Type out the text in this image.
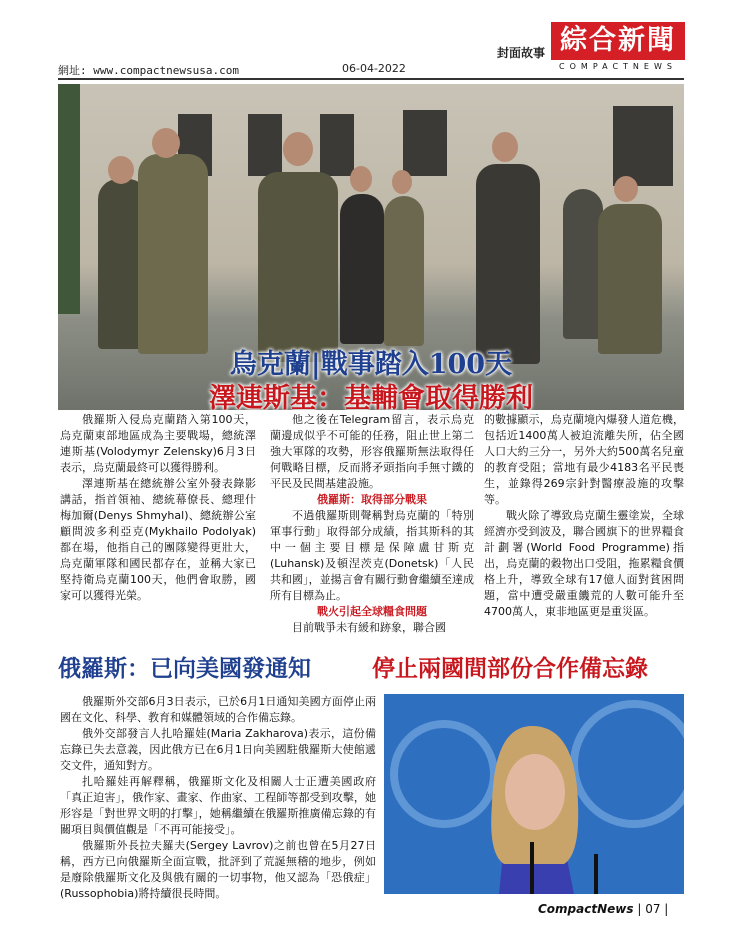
封面故事 綜合新聞
COMPACTNEWS
網址: www.compactnewsusa.com	06-04-2022
烏克蘭|戰事踏入100天
澤連斯基：基輔會取得勝利

俄羅斯入侵烏克蘭踏入第100天，烏克蘭東部地區成為主要戰場，總統澤連斯基(Volodymyr Zelensky)6月3日表示，烏克蘭最終可以獲得勝利。

澤連斯基在總統辦公室外發表錄影講話，指首領袖、總統幕僚長、總理什梅加爾(Denys Shmyhal)、總統辦公室顧問波多利亞克(Mykhailo Podolyak)都在場，他指自己的團隊變得更壯大，烏克蘭軍隊和國民都存在，並稱大家已堅持衛烏克蘭100天，他們會取勝，國家可以獲得光榮。

他之後在Telegram留言，表示烏克蘭邊成似乎不可能的任務，阻止世上第二強大軍隊的攻勢，形容俄羅斯無法取得任何戰略目標，反而將矛頭指向手無寸鐵的平民及民間基建設施。

俄羅斯：取得部分戰果

不過俄羅斯則聲稱對烏克蘭的「特別軍事行動」取得部分成績，指其斯科的其中一個主要目標是保障盧甘斯克(Luhansk)及頓涅茨克(Donetsk)「人民共和國」，並揚言會有關行動會繼續至達成所有目標為止。

戰火引起全球糧食問題

目前戰爭未有緩和跡象，聯合國

的數據顯示，烏克蘭境內爆發人道危機，包括近1400萬人被迫流離失所，佔全國人口大約三分一，另外大約500萬名兒童的教育受阻；當地有最少4183名平民喪生，並錄得269宗針對醫療設施的攻擊等。

戰火除了導致烏克蘭生靈塗炭，全球經濟亦受到波及，聯合國旗下的世界糧食計劃署(World Food Programme)指出，烏克蘭的穀物出口受阻，拖累糧食價格上升，導致全球有17億人面對貧困問題，當中遭受嚴重饑荒的人數可能升至4700萬人，東非地區更是重災區。

俄羅斯：已向美國發通知	停止兩國間部份合作備忘錄

俄羅斯外交部6月3日表示，已於6月1日通知美國方面停止兩國在文化、科學、教育和媒體領域的合作備忘錄。

俄外交部發言人扎哈羅娃(Maria Zakharova)表示，這份備忘錄已失去意義，因此俄方已在6月1日向美國駐俄羅斯大使館遞交文件，通知對方。

扎哈羅娃再解釋稱，俄羅斯文化及相關人士正遭美國政府「真正迫害」，俄作家、畫家、作曲家、工程師等都受到攻擊，她形容是「對世界文明的打擊」，她稱繼續在俄羅斯推廣備忘錄的有關項目與價值觀是「不再可能接受」。

俄羅斯外長拉夫羅夫(Sergey Lavrov)之前也曾在5月27日稱，西方已向俄羅斯全面宣戰，批評到了荒誕無稽的地步，例如是廢除俄羅斯文化及與俄有關的一切事物，他又認為「恐俄症」(Russophobia)將持續很長時間。

CompactNews | 07 |
